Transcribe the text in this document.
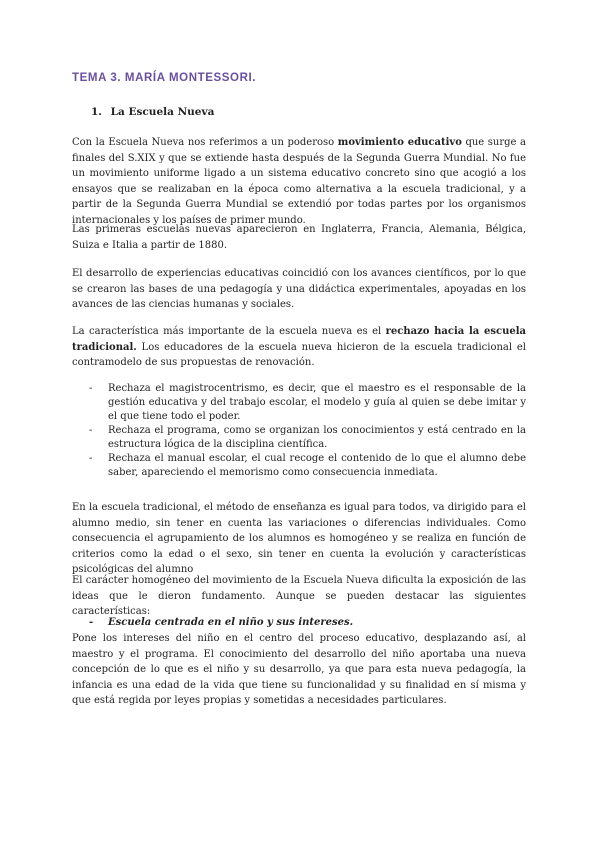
TEMA 3. MARÍA MONTESSORI.
1. La Escuela Nueva

Con la Escuela Nueva nos referimos a un poderoso movimiento educativo que surge a finales del S.XIX y que se extiende hasta después de la Segunda Guerra Mundial. No fue un movimiento uniforme ligado a un sistema educativo concreto sino que acogió a los ensayos que se realizaban en la época como alternativa a la escuela tradicional, y a partir de la Segunda Guerra Mundial se extendió por todas partes por los organismos internacionales y los países de primer mundo.

Las primeras escuelas nuevas aparecieron en Inglaterra, Francia, Alemania, Bélgica, Suiza e Italia a partir de 1880.

El desarrollo de experiencias educativas coincidió con los avances científicos, por lo que se crearon las bases de una pedagogía y una didáctica experimentales, apoyadas en los avances de las ciencias humanas y sociales.

La característica más importante de la escuela nueva es el rechazo hacia la escuela tradicional. Los educadores de la escuela nueva hicieron de la escuela tradicional el contramodelo de sus propuestas de renovación.

- Rechaza el magistrocentrismo, es decir, que el maestro es el responsable de la gestión educativa y del trabajo escolar, el modelo y guía al quien se debe imitar y el que tiene todo el poder.
- Rechaza el programa, como se organizan los conocimientos y está centrado en la estructura lógica de la disciplina científica.
- Rechaza el manual escolar, el cual recoge el contenido de lo que el alumno debe saber, apareciendo el memorismo como consecuencia inmediata.

En la escuela tradicional, el método de enseñanza es igual para todos, va dirigido para el alumno medio, sin tener en cuenta las variaciones o diferencias individuales. Como consecuencia el agrupamiento de los alumnos es homogéneo y se realiza en función de criterios como la edad o el sexo, sin tener en cuenta la evolución y características psicológicas del alumno

El carácter homogéneo del movimiento de la Escuela Nueva dificulta la exposición de las ideas que le dieron fundamento. Aunque se pueden destacar las siguientes características:

- Escuela centrada en el niño y sus intereses.

Pone los intereses del niño en el centro del proceso educativo, desplazando así, al maestro y el programa. El conocimiento del desarrollo del niño aportaba una nueva concepción de lo que es el niño y su desarrollo, ya que para esta nueva pedagogía, la infancia es una edad de la vida que tiene su funcionalidad y su finalidad en sí misma y que está regida por leyes propias y sometidas a necesidades particulares.
